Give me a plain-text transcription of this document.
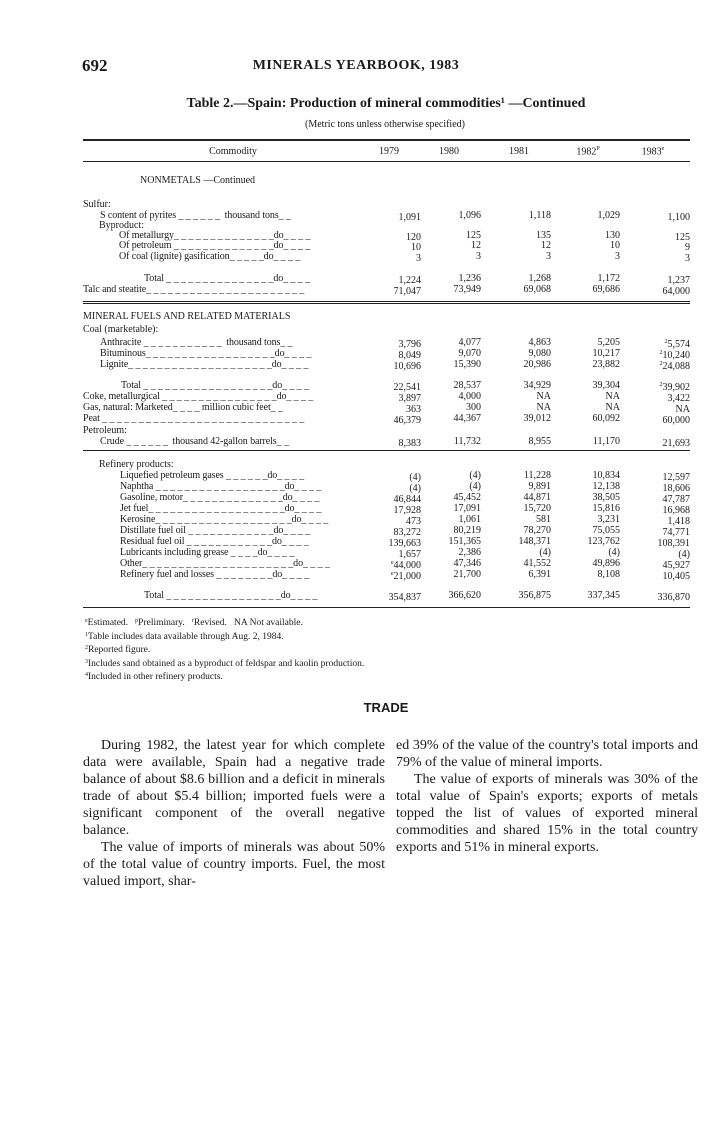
692	MINERALS YEARBOOK, 1983
Table 2.—Spain: Production of mineral commodities¹ —Continued
(Metric tons unless otherwise specified)
Commodity	1979	1980	1981	$1982^P$	1983e
NONMETALS —Continued
Sulfur:
S content of pyrites _ _ _ _ _ _  thousand tons_ _	1,091	1,096	1,118	1,029	1,100
Of metallurgy_ _ _ _ _ _ _ _ _ _ _ _ _ _do_ _ _ _	120	125	135	130	125
Of petroleum _ _ _ _ _ _ _ _ _ _ _ _ _ _do_ _ _ _	10	12	12	10	9
Of coal (lignite) gasification_ _ _ _ _do_ _ _ _	3	3	3	3	3
Total _ _ _ _ _ _ _ _ _ _ _ _ _ _ _do_ _ _ _	1,224	1,236	1,268	1,172	1,237
Talc and steatite_ _ _ _ _ _ _ _ _ _ _ _ _ _ _ _ _ _ _ _ _ _	71,047	73,949	69,068	69,686	64,000
Anthracite _ _ _ _ _ _ _ _ _ _ _  thousand tons_ _	3,796	4,077	4,863	5,205	$^2$5,574
Bituminous_ _ _ _ _ _ _ _ _ _ _ _ _ _ _ _ _ _do_ _ _ _	8,049	9,070	9,080	10,217	$^2$10,240
Lignite_ _ _ _ _ _ _ _ _ _ _ _ _ _ _ _ _ _ _ _do_ _ _ _	10,696	15,390	20,986	23,882	$^2$24,088
Total _ _ _ _ _ _ _ _ _ _ _ _ _ _ _ _ _ _do_ _ _ _	22,541	28,537	34,929	39,304	$^2$39,902
Coke, metallurgical _ _ _ _ _ _ _ _ _ _ _ _ _ _ _ _do_ _ _ _	3,897	4,000	NA	NA	3,422
Gas, natural: Marketed_ _ _ _ million cubic feet_ _	363	300	NA	NA	NA
Peat _ _ _ _ _ _ _ _ _ _ _ _ _ _ _ _ _ _ _ _ _ _ _ _ _ _ _ _	46,379	44,367	39,012	60,092	60,000
Crude _ _ _ _ _ _  thousand 42-gallon barrels_ _	8,383	11,732	8,955	11,170	21,693
Liquefied petroleum gases _ _ _ _ _ _do_ _ _ _	(4)	(4)	11,228	10,834	12,597
Naphtha _ _ _ _ _ _ _ _ _ _ _ _ _ _ _ _ _ _do_ _ _ _	(4)	(4)	9,891	12,138	18,606
Gasoline, motor_ _ _ _ _ _ _ _ _ _ _ _ _ _do_ _ _ _	46,844	45,452	44,871	38,505	47,787
Jet fuel_ _ _ _ _ _ _ _ _ _ _ _ _ _ _ _ _ _ _do_ _ _ _	17,928	17,091	15,720	15,816	16,968
Kerosine_ _ _ _ _ _ _ _ _ _ _ _ _ _ _ _ _ _ _do_ _ _ _	473	1,061	581	3,231	1,418
Distillate fuel oil _ _ _ _ _ _ _ _ _ _ _ _do_ _ _ _	83,272	80,219	78,270	75,055	74,771
Residual fuel oil _ _ _ _ _ _ _ _ _ _ _ _do_ _ _ _	139,663	151,365	148,371	123,762	108,391
Lubricants including grease _ _ _ _do_ _ _ _	1,657	2,386	(4)	(4)	(4)
Other_ _ _ _ _ _ _ _ _ _ _ _ _ _ _ _ _ _ _ _ _do_ _ _ _	$^e$44,000	47,346	41,552	49,896	45,927
Refinery fuel and losses _ _ _ _ _ _ _ _do_ _ _ _	$^e$21,000	21,700	6,391	8,108	10,405
Total _ _ _ _ _ _ _ _ _ _ _ _ _ _ _ _do_ _ _ _	354,837	366,620	356,875	337,345	336,870
Byproduct:
MINERAL FUELS AND RELATED MATERIALS
Coal (marketable):
Petroleum:
Refinery products:
$^e$Estimated. $^p$Preliminary. $^r$Revised. NA Not available.
$^1$Table includes data available through Aug. 2, 1984.
$^2$Reported figure.
$^3$Includes sand obtained as a byproduct of feldspar and kaolin production.
$^4$Included in other refinery products.
TRADE

During 1982, the latest year for which complete data were available, Spain had a negative trade balance of about $8.6 billion and a deficit in minerals trade of about $5.4 billion; imported fuels were a significant component of the overall negative balance.

The value of imports of minerals was about 50% of the total value of country imports. Fuel, the most valued import, shar-

ed 39% of the value of the country's total imports and 79% of the value of mineral imports.

The value of exports of minerals was 30% of the total value of Spain's exports; exports of metals topped the list of values of exported mineral commodities and shared 15% in the total country exports and 51% in mineral exports.
